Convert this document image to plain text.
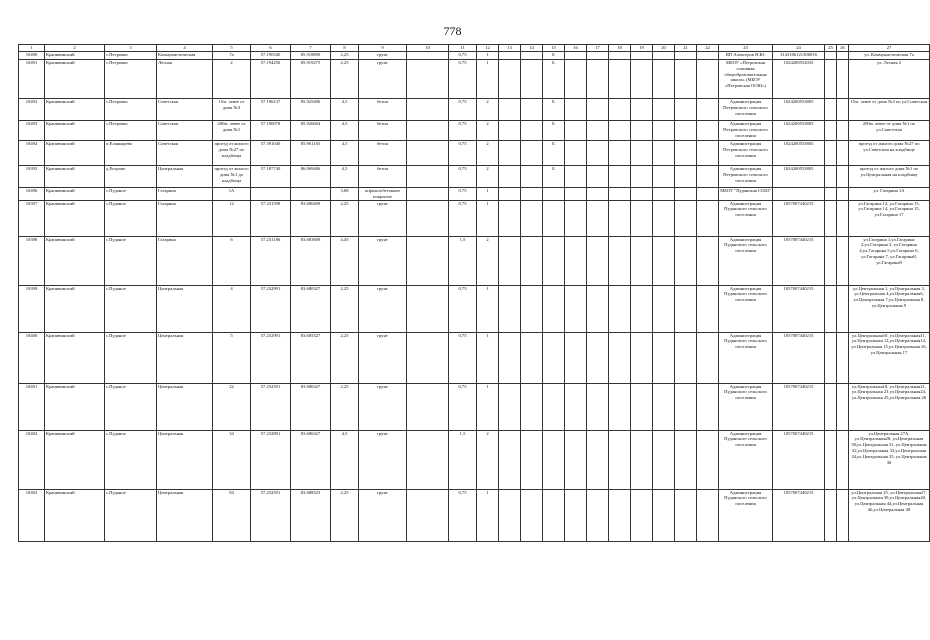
778
1	2	3	4	5	6	7	8	9	10	11	12	13	14	15	16	17	18	19	20	21	22	23	24	25	26	27
10490	Крапивинский	с.Петровка	Коммунистическая	7а	57.190340	85.918890	2,25	грунт		0,75	1			Б								ИП Алексеров Н.Ю.	3143106121300016			ул. Коммунистическая 7а
10491	Крапивинский	с.Петровка	Лесная	2	57.194256	85.919275	2,25	грунт		0,75	1			Б								МБОУ «Петровская основная общеобразовательная школа» (МБОУ «Петровская ООШ»)	1024200552035			ул. Лесная 2
10492	Крапивинский	с.Петровка	Советская	15м. левее от дома №3	57.196137	85.925496	4,5	бетон		0,75	2			Б								Администрация Петровского сельского поселения	1024200553805			15м. левее от дома №3 по ул.Советская
10493	Крапивинский	с.Петровка	Советская	200м. левее от дома №1	57.190078	85.926604	4,5	бетон		0,75	2			Б								Администрация Петровского сельского поселения	1024200553805			200м. левее от дома №1 по ул.Советская
10494	Крапивинский	п.Еланкарево	Советская	проезд от жилого дома №27 по кладбища	57.391040	85.961165	4,5	бетон		0,75	2			Б								Администрация Петровского сельского поселения	1024200553805			проезд от жилого дома №27 по ул.Советская на кладбище
10395	Крапивинский	д.Егорово	Центральная	проезд от жилого дома №1 до кладбища	57.187740	86.069406	4,5	бетон		0,75	2			Б								Администрация Петровского сельского поселения	1024200553805			проезд от жилого дома №1 по ул.Центральная на кладбище
10496	Крапивинский	с.Пуданое	Гагарина	1А			3,68	асфальтобетонное покрытие		0,75	1											МБОУ "Пуданская СОШ"				ул. Гагарина 1А
10397	Крапивинский	с.Пуданое	Гагарина	12	57.231598	83.680409	2,25	грунт		0,75	1											Администрация Пуданского сельского поселения	1057007440215			ул.Гагарина 12, ул.Гагарина 13, ул.Гагарина 14, ул.Гагарина 15, ул.Гагарина 17
10398	Крапивинский	с.Пуданое	Гагарина	6	57.231186	83.683809	4,45	грунт		1,5	2											Администрация Пуданского сельского поселения	1057007440215			ул.Гагарина 1,ул.Гагарина 2,ул.Гагарина 3, ул.Гагарина 4,ул.Гагарина 5,ул.Гагарина 6, ул.Гагарина 7, ул.Гагарина8, ул.Гагарина9
10399	Крапивинский	с.Пуданое	Центральная	4	57.232991	83.680327	2,25	грунт		0,75	1											Администрация Пуданского сельского поселения	1057007440215			ул.Центральная 1, ул.Центральная 3, ул.Центральная 4,ул.Центральная6, ул.Центральная 7,ул.Центральная 8, ул.Центральная 9
10400	Крапивинский	с.Пуданое	Центральная	5	57.232991	83.685327	2,25	грунт		0,75	1											Администрация Пуданского сельского поселения	1057007440215			ул.Центральная10, ул.Центральная11, ул.Центральная 12,ул.Центральная14, ул.Центральная 15,ул.Центральная 16, ул.Центральная 17
10401	Крапивинский	с.Пуданое	Центральная	22	57.232591	83.686327	2,25	грунт		0,75	1											Администрация Пуданского сельского поселения	1057007440215			ул.Центральная18, ул.Центральная21, ул.Центральная 23 ул.Центральная24, ул.Центральная 25,ул.Центральная 26
10402	Крапивинский	с.Пуданое	Центральная	34	57.232891	83.686327	4,5	грунт		1,5	2											Администрация Пуданского сельского поселения	1057007440215			ул.Центральная 27А, ул.Центральная28, ул.Центральная 30,ул.Центральная 31, ул.Центральная 32,ул.Центральная 33,ул.Центральная 34,ул.Центральная 35, ул.Центральная 36
10403	Крапивинский	с.Пуданое	Центральная	94	57.232591	83.688523	2,25	грунт		0,75	1											Администрация Пуданского сельского поселения	1057007440215			ул.Центральная 25, ул.Центральная27, ул.Центральная 39,ул.Центральная40, ул.Центральная 44,ул.Центральная 46,ул.Центральная 48
